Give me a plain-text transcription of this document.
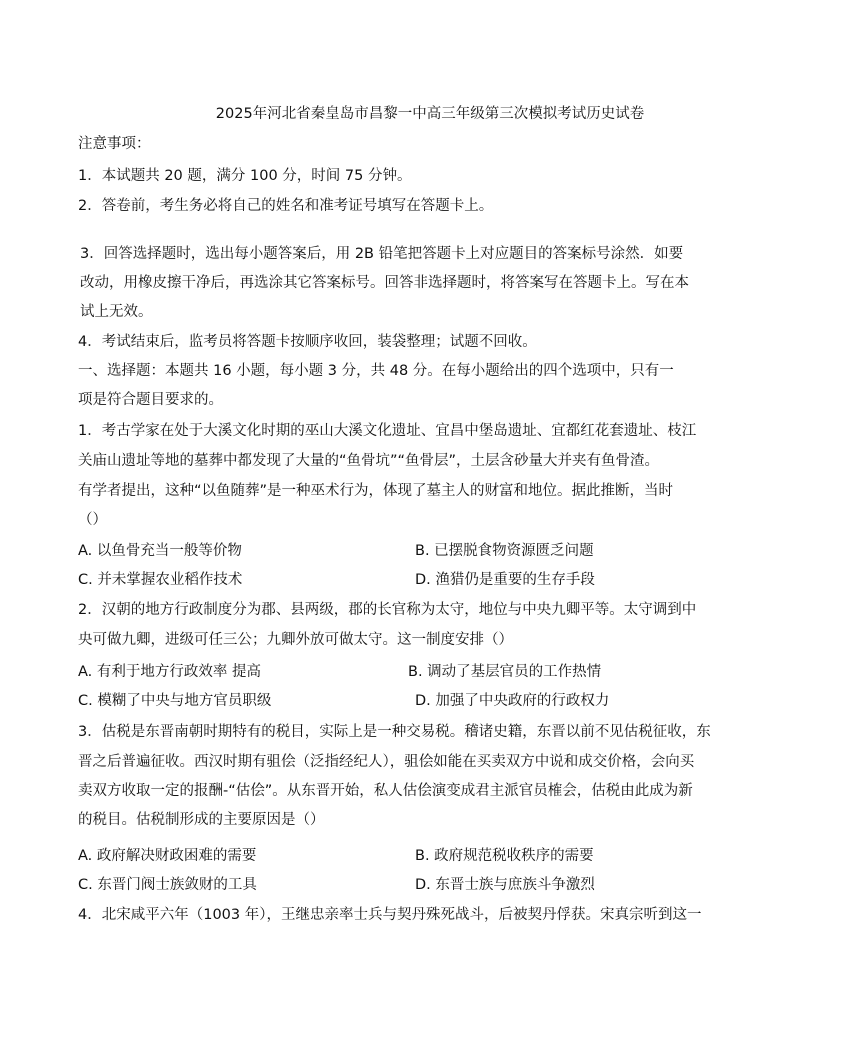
2025年河北省秦皇岛市昌黎一中高三年级第三次模拟考试历史试卷
注意事项：
1．本试题共 20 题，满分 100 分，时间 75 分钟。
2．答卷前，考生务必将自己的姓名和准考证号填写在答题卡上。
3．回答选择题时，选出每小题答案后，用 2B 铅笔把答题卡上对应题目的答案标号涂然．如要
改动，用橡皮擦干净后，再选涂其它答案标号。回答非选择题时，将答案写在答题卡上。写在本
试上无效。
4．考试结束后，监考员将答题卡按顺序收回，装袋整理；试题不回收。
一、选择题：本题共 16 小题，每小题 3 分，共 48 分。在每小题给出的四个选项中，只有一
项是符合题目要求的。
1．考古学家在处于大溪文化时期的巫山大溪文化遗址、宜昌中堡岛遗址、宜都红花套遗址、枝江
关庙山遗址等地的墓葬中都发现了大量的“鱼骨坑”“鱼骨层”，土层含砂量大并夹有鱼骨渣。
有学者提出，这种“以鱼随葬”是一种巫术行为，体现了墓主人的财富和地位。据此推断，当时
（）
A. 以鱼骨充当一般等价物	B. 已摆脱食物资源匮乏问题
C. 并未掌握农业稻作技术	D. 渔猎仍是重要的生存手段
2．汉朝的地方行政制度分为郡、县两级，郡的长官称为太守，地位与中央九卿平等。太守调到中
央可做九卿，进级可任三公；九卿外放可做太守。这一制度安排（）
A. 有利于地方行政效率 提高	B. 调动了基层官员的工作热情
C. 模糊了中央与地方官员职级	D. 加强了中央政府的行政权力
3．估税是东晋南朝时期特有的税目，实际上是一种交易税。稽诸史籍，东晋以前不见估税征收，东
晋之后普遍征收。西汉时期有驵侩（泛指经纪人），驵侩如能在买卖双方中说和成交价格，会向买
卖双方收取一定的报酬-“估侩”。从东晋开始，私人估侩演变成君主派官员榷会，估税由此成为新
的税目。估税制形成的主要原因是（）
A. 政府解决财政困难的需要	B. 政府规范税收秩序的需要
C. 东晋门阀士族敛财的工具	D. 东晋士族与庶族斗争激烈
4．北宋咸平六年（1003 年），王继忠亲率士兵与契丹殊死战斗，后被契丹俘获。宋真宗听到这一
